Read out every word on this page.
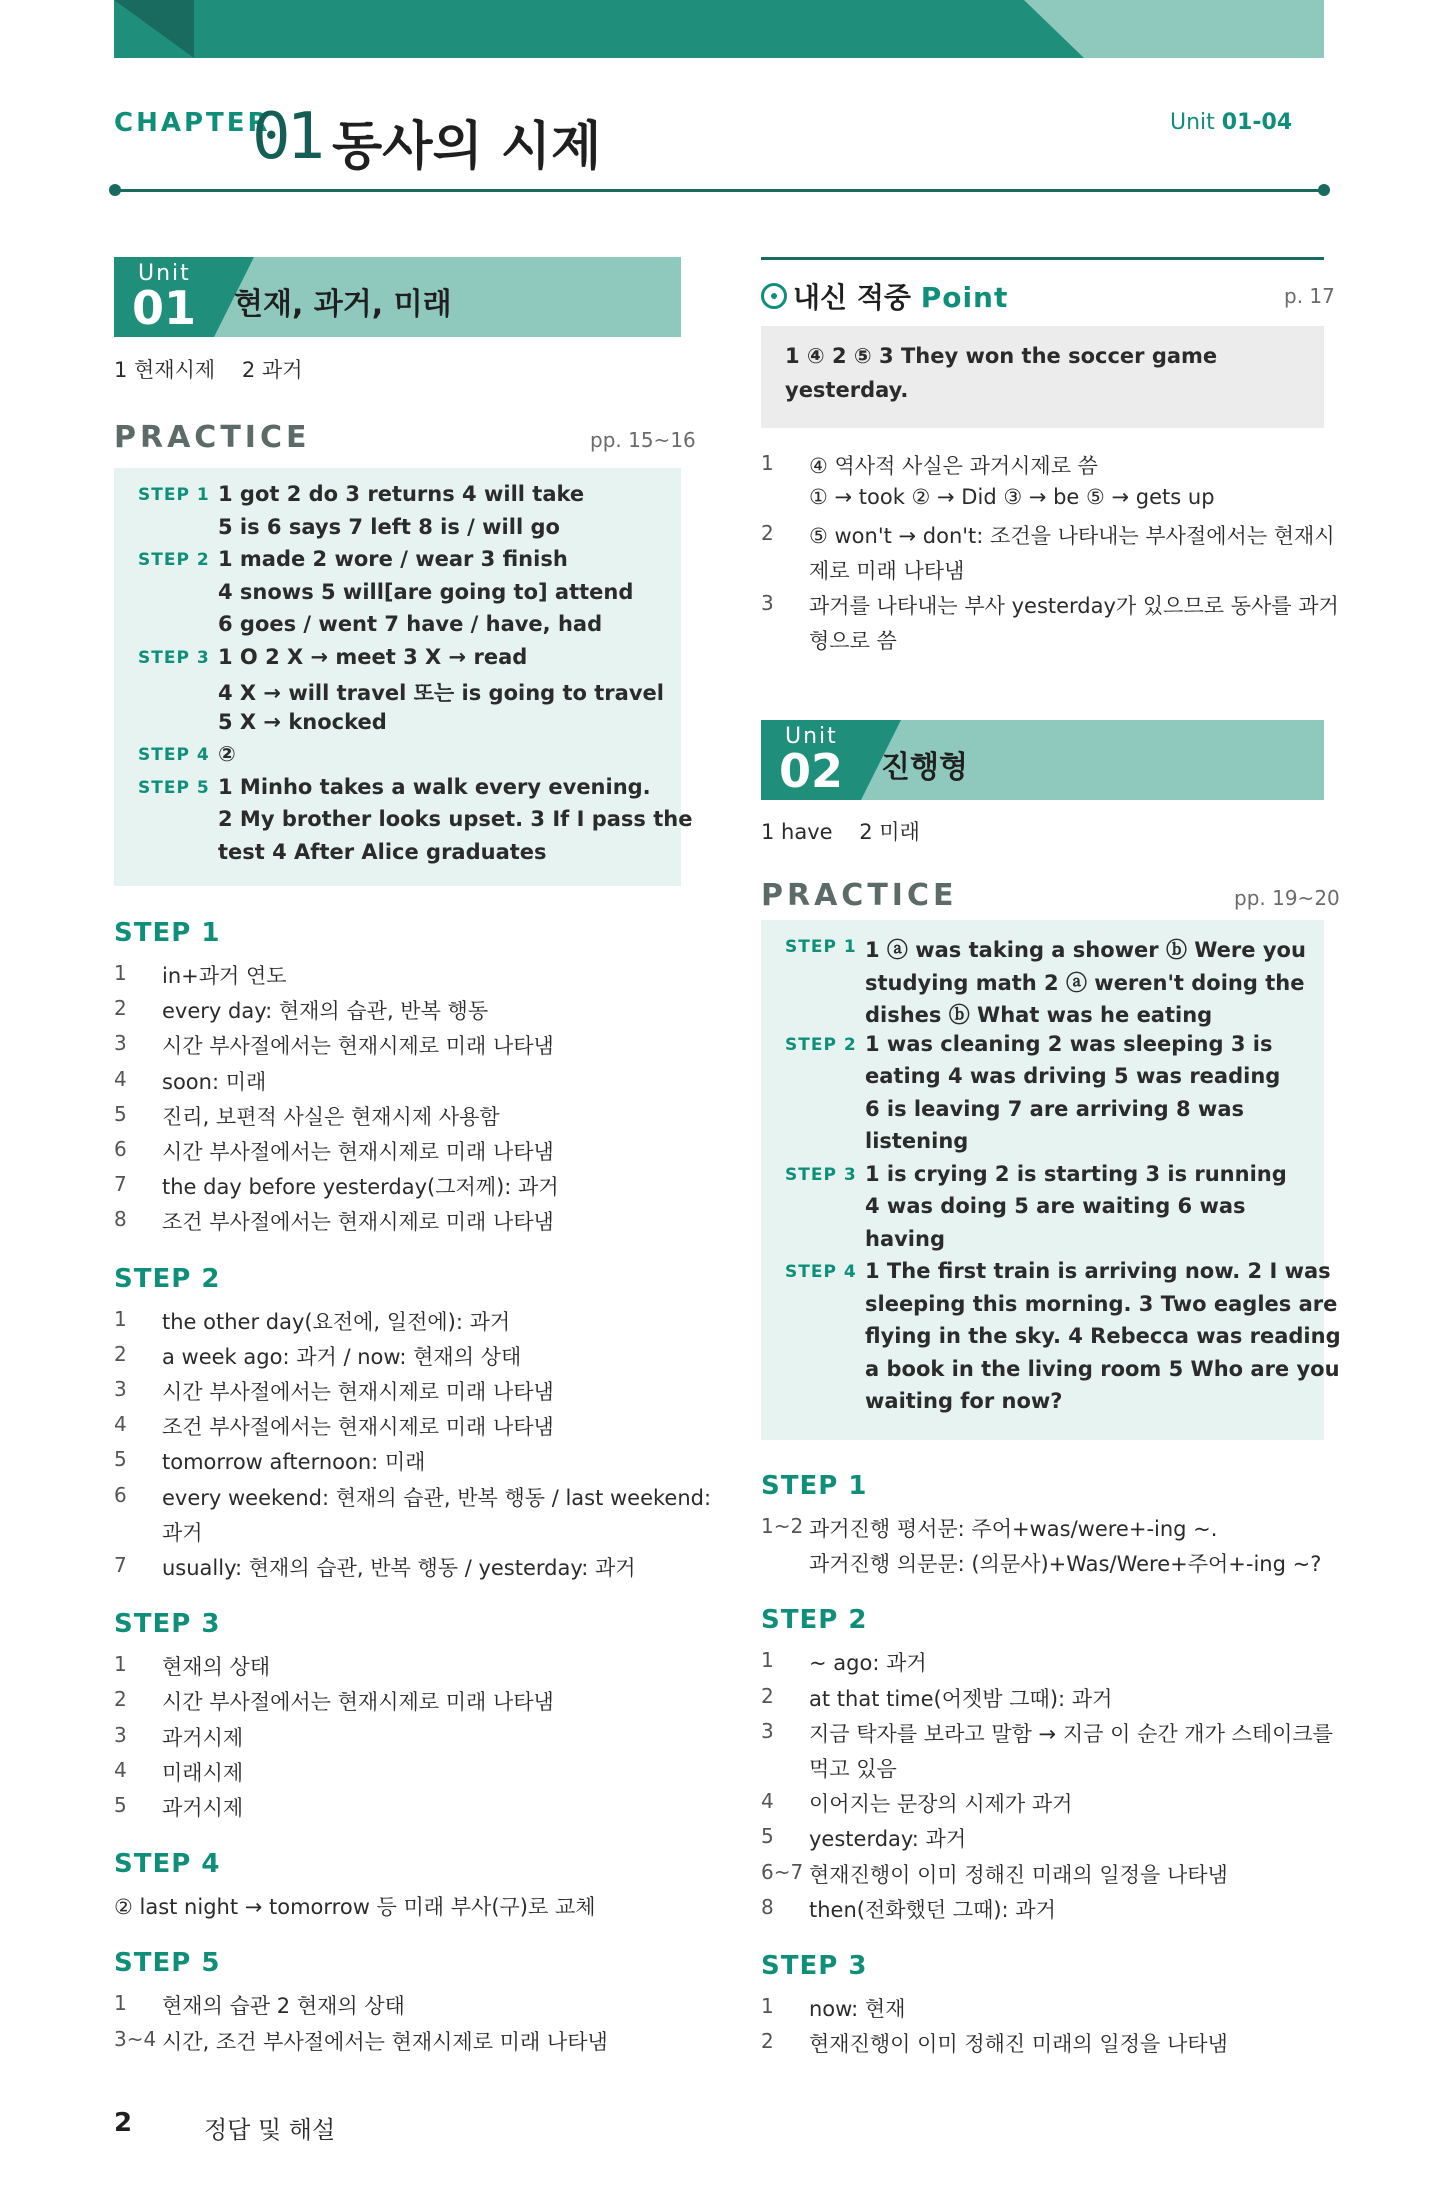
CHAPTER
01 동사의 시제	Unit 01-04
Unit
01 현재, 과거, 미래
1 현재시제 2 과거
PRACTICE	pp. 15~16
STEP 1 1 got 2 do 3 returns 4 will take
5 is 6 says 7 left 8 is / will go
STEP 2 1 made 2 wore / wear 3 finish
4 snows 5 will[are going to] attend
6 goes / went 7 have / have, had
STEP 3 1 O 2 X → meet 3 X → read
4 X → will travel 또는 is going to travel
5 X → knocked
STEP 4 ②
STEP 5 1 Minho takes a walk every evening.
2 My brother looks upset. 3 If I pass the
test 4 After Alice graduates
내신 적중 Point	p. 17
1 ④ 2 ⑤ 3 They won the soccer game
yesterday.
Unit
02 진행형
1 have 2 미래
PRACTICE	pp. 19~20
STEP 1 1 ⓐ was taking a shower ⓑ Were you
studying math 2 ⓐ weren't doing the
dishes ⓑ What was he eating
STEP 2 1 was cleaning 2 was sleeping 3 is
eating 4 was driving 5 was reading
6 is leaving 7 are arriving 8 was
listening
STEP 3 1 is crying 2 is starting 3 is running
4 was doing 5 are waiting 6 was
having
STEP 4 1 The first train is arriving now. 2 I was
sleeping this morning. 3 Two eagles are
flying in the sky. 4 Rebecca was reading
a book in the living room 5 Who are you
waiting for now?
2	정답 및 해설
STEP 1
1 in+과거 연도
2 every day: 현재의 습관, 반복 행동
3 시간 부사절에서는 현재시제로 미래 나타냄
4 soon: 미래
5 진리, 보편적 사실은 현재시제 사용함
6 시간 부사절에서는 현재시제로 미래 나타냄
7 the day before yesterday(그저께): 과거
8 조건 부사절에서는 현재시제로 미래 나타냄
STEP 2
1 the other day(요전에, 일전에): 과거
2 a week ago: 과거 / now: 현재의 상태
3 시간 부사절에서는 현재시제로 미래 나타냄
4 조건 부사절에서는 현재시제로 미래 나타냄
5 tomorrow afternoon: 미래
6 every weekend: 현재의 습관, 반복 행동 / last weekend:
과거
7 usually: 현재의 습관, 반복 행동 / yesterday: 과거
STEP 3
1 현재의 상태
2 시간 부사절에서는 현재시제로 미래 나타냄
3 과거시제
4 미래시제
5 과거시제
STEP 4
② last night → tomorrow 등 미래 부사(구)로 교체
STEP 5
1 현재의 습관 2 현재의 상태
3~4 시간, 조건 부사절에서는 현재시제로 미래 나타냄
STEP 1
1~2 과거진행 평서문: 주어+was/were+-ing ~.
과거진행 의문문: (의문사)+Was/Were+주어+-ing ~?
STEP 2
1 ~ ago: 과거
2 at that time(어젯밤 그때): 과거
3 지금 탁자를 보라고 말함 → 지금 이 순간 개가 스테이크를
먹고 있음
4 이어지는 문장의 시제가 과거
5 yesterday: 과거
6~7 현재진행이 이미 정해진 미래의 일정을 나타냄
8 then(전화했던 그때): 과거
STEP 3
1 now: 현재
2 현재진행이 이미 정해진 미래의 일정을 나타냄
1 ④ 역사적 사실은 과거시제로 씀
① → took ② → Did ③ → be ⑤ → gets up
2 ⑤ won't → don't: 조건을 나타내는 부사절에서는 현재시
제로 미래 나타냄
3 과거를 나타내는 부사 yesterday가 있으므로 동사를 과거
형으로 씀
